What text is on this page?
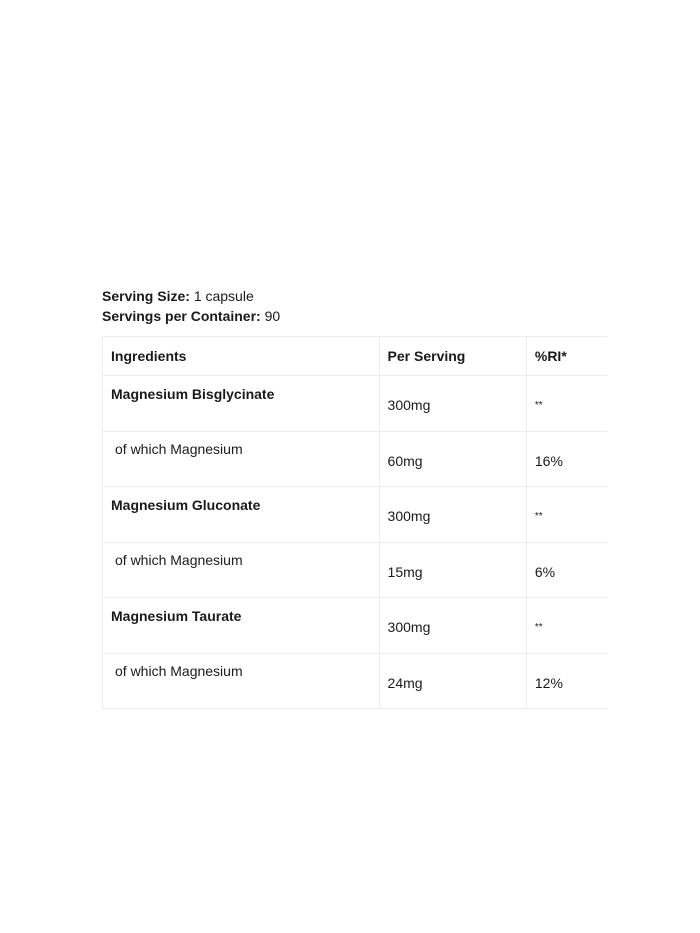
Serving Size: 1 capsule
Servings per Container: 90
Ingredients	Per Serving	%RI*
Magnesium Bisglycinate	300mg	**
of which Magnesium	60mg	16%
Magnesium Gluconate	300mg	**
of which Magnesium	15mg	6%
Magnesium Taurate	300mg	**
of which Magnesium	24mg	12%
